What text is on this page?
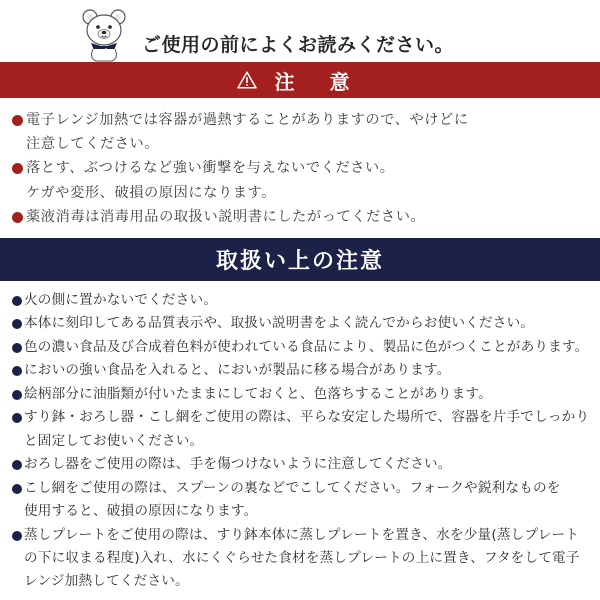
ご使用の前によくお読みください。
注 意
電子レンジ加熱では容器が過熱することがありますので、やけどに
注意してください。
落とす、ぶつけるなど強い衝撃を与えないでください。
ケガや変形、破損の原因になります。
薬液消毒は消毒用品の取扱い説明書にしたがってください。
取扱い上の注意
火の側に置かないでください。
本体に刻印してある品質表示や、取扱い説明書をよく読んでからお使いください。
色の濃い食品及び合成着色料が使われている食品により、製品に色がつくことがあります。
においの強い食品を入れると、においが製品に移る場合があります。
絵柄部分に油脂類が付いたままにしておくと、色落ちすることがあります。
すり鉢・おろし器・こし網をご使用の際は、平らな安定した場所で、容器を片手でしっかり
と固定してお使いください。
おろし器をご使用の際は、手を傷つけないように注意してください。
こし網をご使用の際は、スプーンの裏などでこしてください。フォークや鋭利なものを
使用すると、破損の原因になります。
蒸しプレートをご使用の際は、すり鉢本体に蒸しプレートを置き、水を少量(蒸しプレート
の下に収まる程度)入れ、水にくぐらせた食材を蒸しプレートの上に置き、フタをして電子
レンジ加熱してください。
